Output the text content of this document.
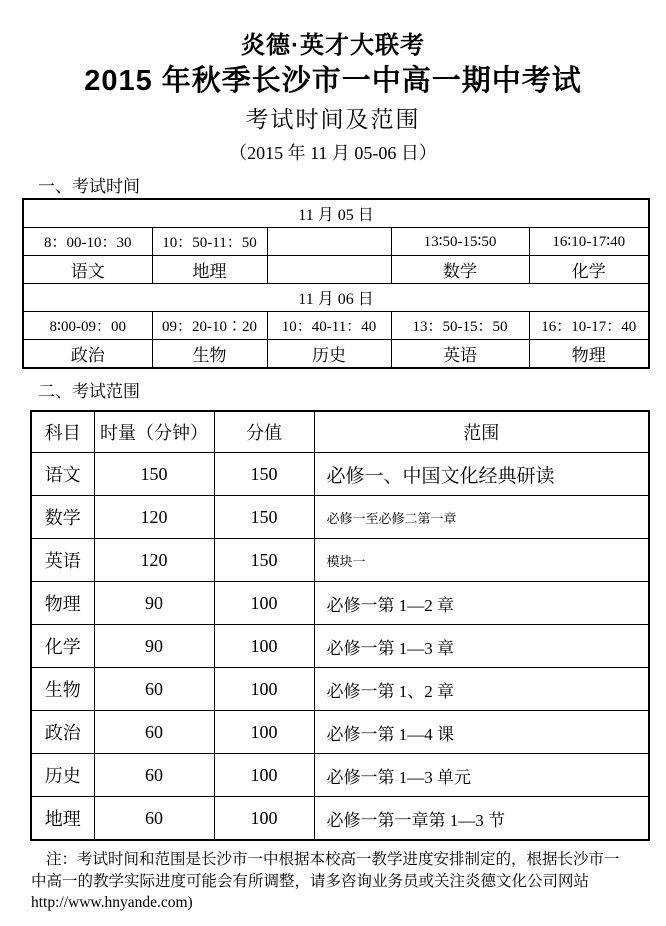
炎德·英才大联考
2015 年秋季长沙市一中高一期中考试
考试时间及范围
（2015 年 11 月 05-06 日）
一、考试时间
11 月 05 日				
8：00-10：30	10：50-11：50		13∶50-15∶50	16∶10-17∶40
语文	地理		数学	化学
11 月 06 日				
8∶00-09：00	09：20-10∶20	10：40-11：40	13：50-15：50	16：10-17：40
政治	生物	历史	英语	物理
二、考试范围
科目	时量（分钟）	分值	范围
语文	150	150	必修一、中国文化经典研读
数学	120	150	必修一至必修二第一章
英语	120	150	模块一
物理	90	100	必修一第 1—2 章
化学	90	100	必修一第 1—3 章
生物	60	100	必修一第 1、2 章
政治	60	100	必修一第 1—4 课
历史	60	100	必修一第 1—3 单元
地理	60	100	必修一第一章第 1—3 节
注：考试时间和范围是长沙市一中根据本校高一教学进度安排制定的，根据长沙市一
中高一的教学实际进度可能会有所调整，请多咨询业务员或关注炎德文化公司网站
http://www.hnyande.com)
